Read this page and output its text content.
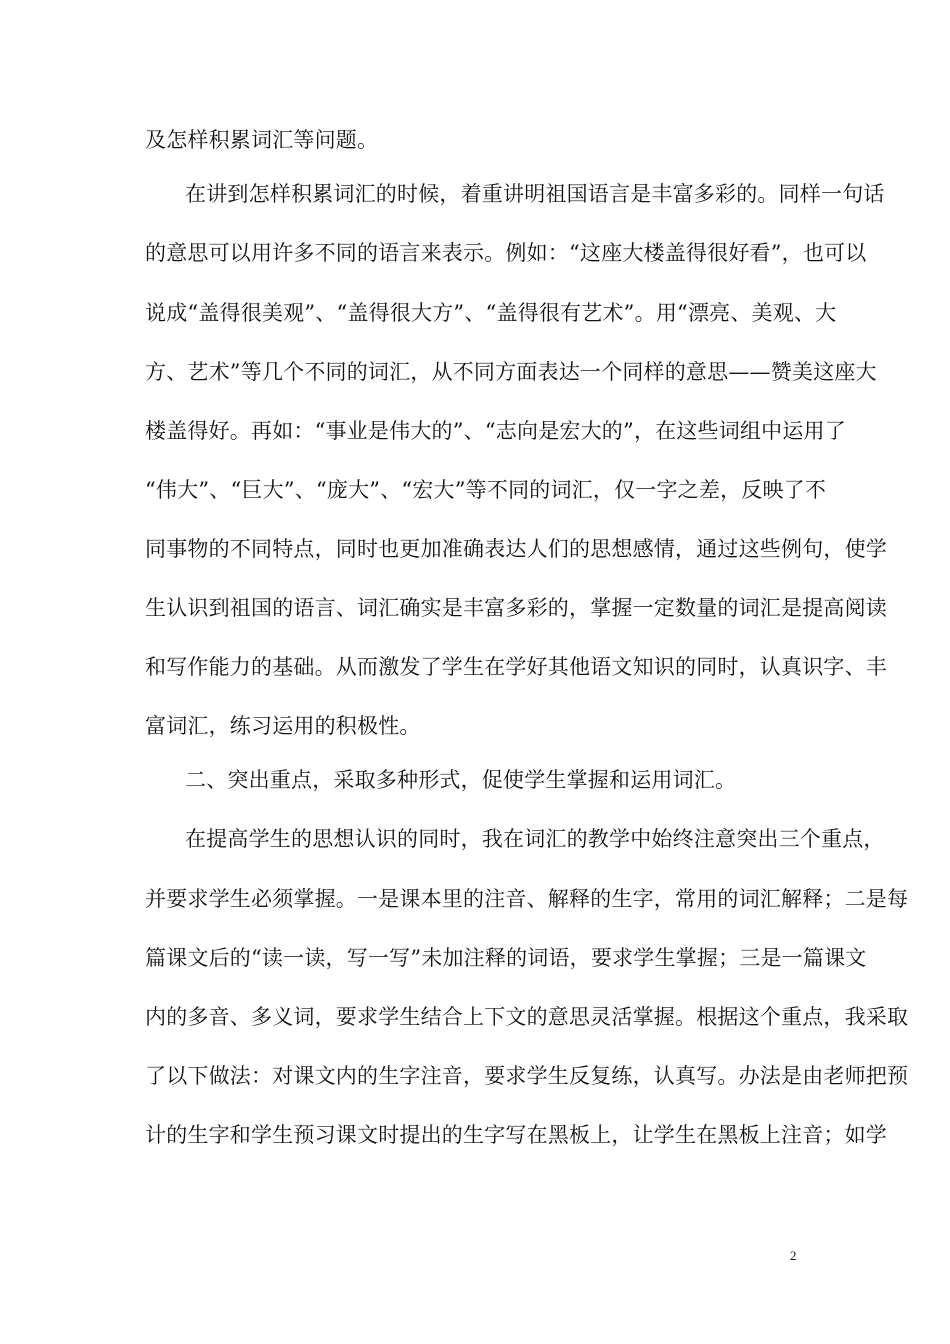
及怎样积累词汇等问题。
在讲到怎样积累词汇的时候，着重讲明祖国语言是丰富多彩的。同样一句话
的意思可以用许多不同的语言来表示。例如：“这座大楼盖得很好看”，也可以
说成“盖得很美观”、“盖得很大方”、“盖得很有艺术”。用“漂亮、美观、大
方、艺术”等几个不同的词汇，从不同方面表达一个同样的意思——赞美这座大
楼盖得好。再如：“事业是伟大的”、“志向是宏大的”，在这些词组中运用了
“伟大”、“巨大”、“庞大”、“宏大”等不同的词汇，仅一字之差，反映了不
同事物的不同特点，同时也更加准确表达人们的思想感情，通过这些例句，使学
生认识到祖国的语言、词汇确实是丰富多彩的，掌握一定数量的词汇是提高阅读
和写作能力的基础。从而激发了学生在学好其他语文知识的同时，认真识字、丰
富词汇，练习运用的积极性。
二、突出重点，采取多种形式，促使学生掌握和运用词汇。
在提高学生的思想认识的同时，我在词汇的教学中始终注意突出三个重点，
并要求学生必须掌握。一是课本里的注音、解释的生字，常用的词汇解释；二是每
篇课文后的“读一读，写一写”未加注释的词语，要求学生掌握；三是一篇课文
内的多音、多义词，要求学生结合上下文的意思灵活掌握。根据这个重点，我采取
了以下做法：对课文内的生字注音，要求学生反复练，认真写。办法是由老师把预
计的生字和学生预习课文时提出的生字写在黑板上，让学生在黑板上注音；如学
2
